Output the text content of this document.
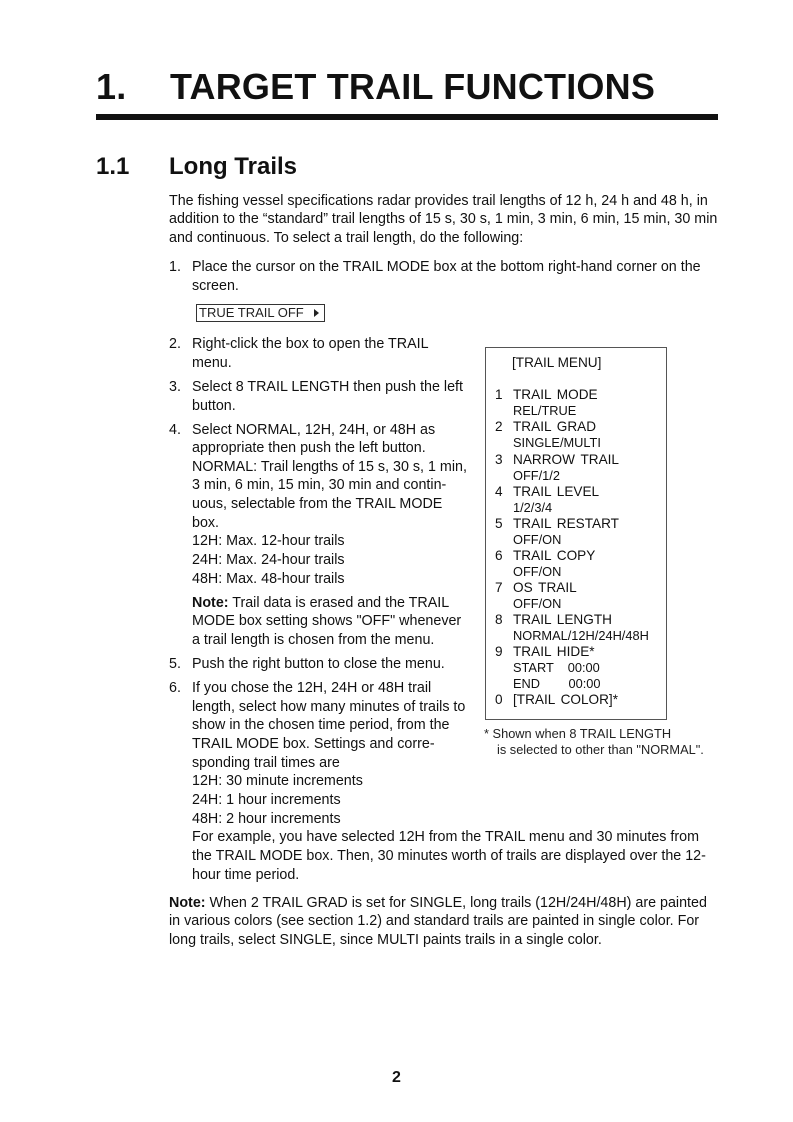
1. TARGET TRAIL FUNCTIONS
1.1 Long Trails

The fishing vessel specifications radar provides trail lengths of 12 h, 24 h and 48 h, in

addition to the “standard” trail lengths of 15 s, 30 s, 1 min, 3 min, 6 min, 15 min, 30 min

and continuous. To select a trail length, do the following:

1. Place the cursor on the TRAIL MODE box at the bottom right-hand corner on the

screen.

TRUE TRAIL OFF
2. Right-click the box to open the TRAIL

menu.

3. Select 8 TRAIL LENGTH then push the left

button.

4. Select NORMAL, 12H, 24H, or 48H as

appropriate then push the left button.

NORMAL: Trail lengths of 15 s, 30 s, 1 min,

3 min, 6 min, 15 min, 30 min and contin-

uous, selectable from the TRAIL MODE

box.

12H: Max. 12-hour trails

24H: Max. 24-hour trails

48H: Max. 48-hour trails

Note: Trail data is erased and the TRAIL

MODE box setting shows "OFF" whenever

a trail length is chosen from the menu.

5. Push the right button to close the menu.

6. If you chose the 12H, 24H or 48H trail

length, select how many minutes of trails to

show in the chosen time period, from the

TRAIL MODE box. Settings and corre-

sponding trail times are

12H: 30 minute increments

24H: 1 hour increments

48H: 2 hour increments

For example, you have selected 12H from the TRAIL menu and 30 minutes from

the TRAIL MODE box. Then, 30 minutes worth of trails are displayed over the 12-

hour time period.

Note: When 2 TRAIL GRAD is set for SINGLE, long trails (12H/24H/48H) are painted

in various colors (see section 1.2) and standard trails are painted in single color. For

long trails, select SINGLE, since MULTI paints trails in a single color.

[TRAIL MENU]
1 TRAIL MODE
REL/TRUE
2 TRAIL GRAD
SINGLE/MULTI
3 NARROW TRAIL
OFF/1/2
4 TRAIL LEVEL
1/2/3/4
5 TRAIL RESTART
OFF/ON
6 TRAIL COPY
OFF/ON
7 OS TRAIL
OFF/ON
8 TRAIL LENGTH
NORMAL/12H/24H/48H
9 TRAIL HIDE*
START    00:00
END        00:00
0 [TRAIL COLOR]*
* Shown when 8 TRAIL LENGTH
is selected to other than "NORMAL".
2
